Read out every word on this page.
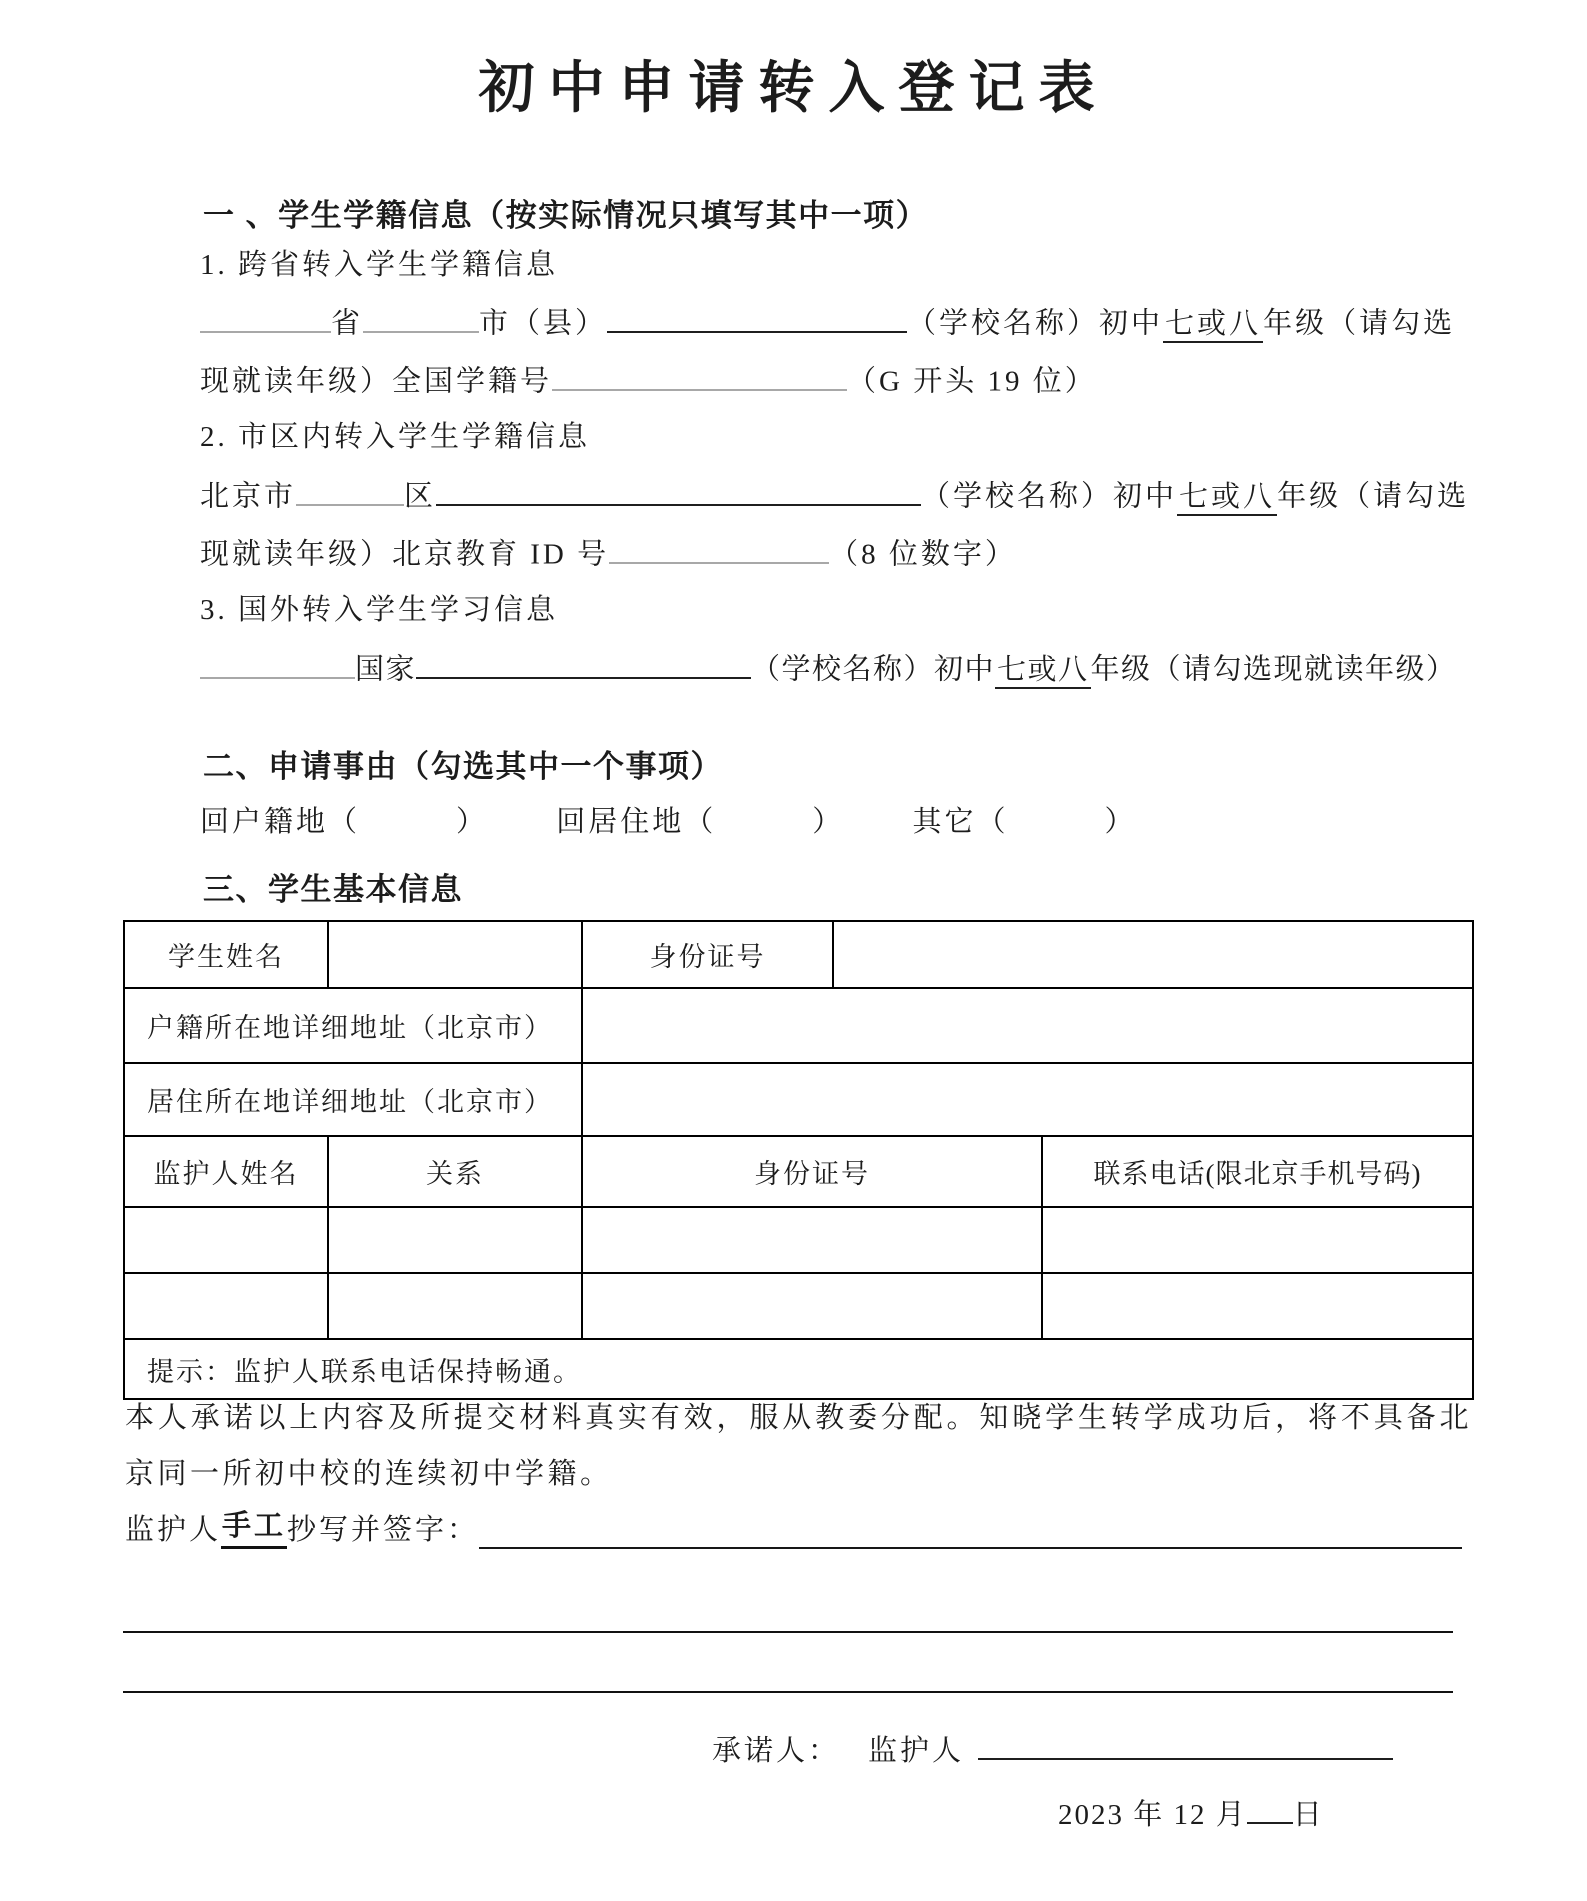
初中申请转入登记表
一 、学生学籍信息（按实际情况只填写其中一项）
1. 跨省转入学生学籍信息
省	市（县）	（学校名称）初中七或八年级（请勾选
现就读年级）全国学籍号	（G 开头 19 位）
2. 市区内转入学生学籍信息
北京市	区	（学校名称）初中七或八年级（请勾选
现就读年级）北京教育 ID 号	（8 位数字）
3. 国外转入学生学习信息
国家	（学校名称）初中七或八年级（请勾选现就读年级）
二、申请事由（勾选其中一个事项）
回户籍地（　　　） 回居住地（　　　） 其它（　　　）
三、学生基本信息
学生姓名	身份证号
户籍所在地详细地址（北京市）
居住所在地详细地址（北京市）
监护人姓名	关系	身份证号	联系电话(限北京手机号码)
提示：监护人联系电话保持畅通。
本人承诺以上内容及所提交材料真实有效，服从教委分配。知晓学生转学成功后，将不具备北京同一所初中校的连续初中学籍。
监护人 手工 抄写并签字：
承诺人： 监护人
2023 年 12 月 日
